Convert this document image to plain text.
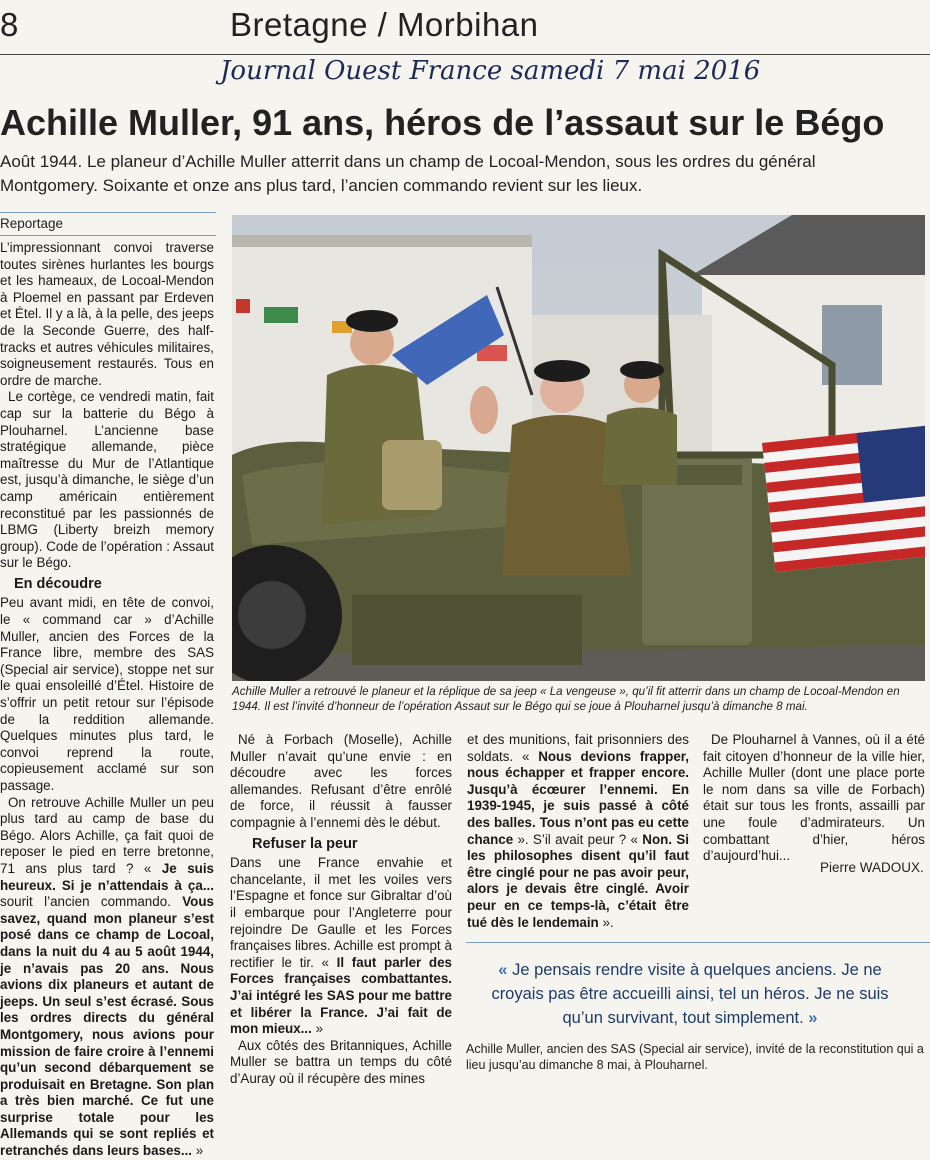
8	Bretagne / Morbihan
Journal Ouest France samedi 7 mai 2016
Achille Muller, 91 ans, héros de l’assaut sur le Bégo
Août 1944. Le planeur d’Achille Muller atterrit dans un champ de Locoal-Mendon, sous les ordres du général Montgomery. Soixante et onze ans plus tard, l’ancien commando revient sur les lieux.
Reportage

L’impressionnant convoi traverse toutes sirènes hurlantes les bourgs et les hameaux, de Locoal-Mendon à Ploemel en passant par Erdeven et Étel. Il y a là, à la pelle, des jeeps de la Seconde Guerre, des half-tracks et autres véhicules militaires, soigneusement restaurés. Tous en ordre de marche.

Le cortège, ce vendredi matin, fait cap sur la batterie du Bégo à Plouharnel. L’ancienne base stratégique allemande, pièce maîtresse du Mur de l’Atlantique est, jusqu’à dimanche, le siège d’un camp américain entièrement reconstitué par les passionnés de LBMG (Liberty breizh memory group). Code de l’opération : Assaut sur le Bégo.

En découdre

Peu avant midi, en tête de convoi, le « command car » d’Achille Muller, ancien des Forces de la France libre, membre des SAS (Special air service), stoppe net sur le quai ensoleillé d’Étel. Histoire de s’offrir un petit retour sur l’épisode de la reddition allemande. Quelques minutes plus tard, le convoi reprend la route, copieusement acclamé sur son passage.

On retrouve Achille Muller un peu plus tard au camp de base du Bégo. Alors Achille, ça fait quoi de reposer le pied en terre bretonne, 71 ans plus tard ? « Je suis heureux. Si je n’attendais à ça... sourit l’ancien commando. Vous savez, quand mon planeur s’est posé dans ce champ de Locoal, dans la nuit du 4 au 5 août 1944, je n’avais pas 20 ans. Nous avions dix planeurs et autant de jeeps. Un seul s’est écrasé. Sous les ordres directs du général Montgomery, nous avions pour mission de faire croire à l’ennemi qu’un second débarquement se produisait en Bretagne. Son plan a très bien marché. Ce fut une surprise totale pour les Allemands qui se sont repliés et retranchés dans leurs bases... »

Achille Muller a retrouvé le planeur et la réplique de sa jeep « La vengeuse », qu’il fit atterrir dans un champ de Locoal-Mendon en 1944. Il est l’invité d’honneur de l’opération Assaut sur le Bégo qui se joue à Plouharnel jusqu’à dimanche 8 mai.

Né à Forbach (Moselle), Achille Muller n’avait qu’une envie : en découdre avec les forces allemandes. Refusant d’être enrôlé de force, il réussit à fausser compagnie à l’ennemi dès le début.

Refuser la peur

Dans une France envahie et chancelante, il met les voiles vers l’Espagne et fonce sur Gibraltar d’où il embarque pour l’Angleterre pour rejoindre De Gaulle et les Forces françaises libres. Achille est prompt à rectifier le tir. « Il faut parler des Forces françaises combattantes. J’ai intégré les SAS pour me battre et libérer la France. J’ai fait de mon mieux... »

Aux côtés des Britanniques, Achille Muller se battra un temps du côté d’Auray où il récupère des mines

et des munitions, fait prisonniers des soldats. « Nous devions frapper, nous échapper et frapper encore. Jusqu’à écœurer l’ennemi. En 1939-1945, je suis passé à côté des balles. Tous n’ont pas eu cette chance ». S’il avait peur ? « Non. Si les philosophes disent qu’il faut être cinglé pour ne pas avoir peur, alors je devais être cinglé. Avoir peur en ce temps-là, c’était être tué dès le lendemain ».

De Plouharnel à Vannes, où il a été fait citoyen d’honneur de la ville hier, Achille Muller (dont une place porte le nom dans sa ville de Forbach) était sur tous les fronts, assailli par une foule d’admirateurs. Un combattant d’hier, héros d’aujourd’hui...

Pierre WADOUX.
« Je pensais rendre visite à quelques anciens. Je ne croyais pas être accueilli ainsi, tel un héros. Je ne suis qu’un survivant, tout simplement. »
Achille Muller, ancien des SAS (Special air service), invité de la reconstitution qui a lieu jusqu’au dimanche 8 mai, à Plouharnel.
